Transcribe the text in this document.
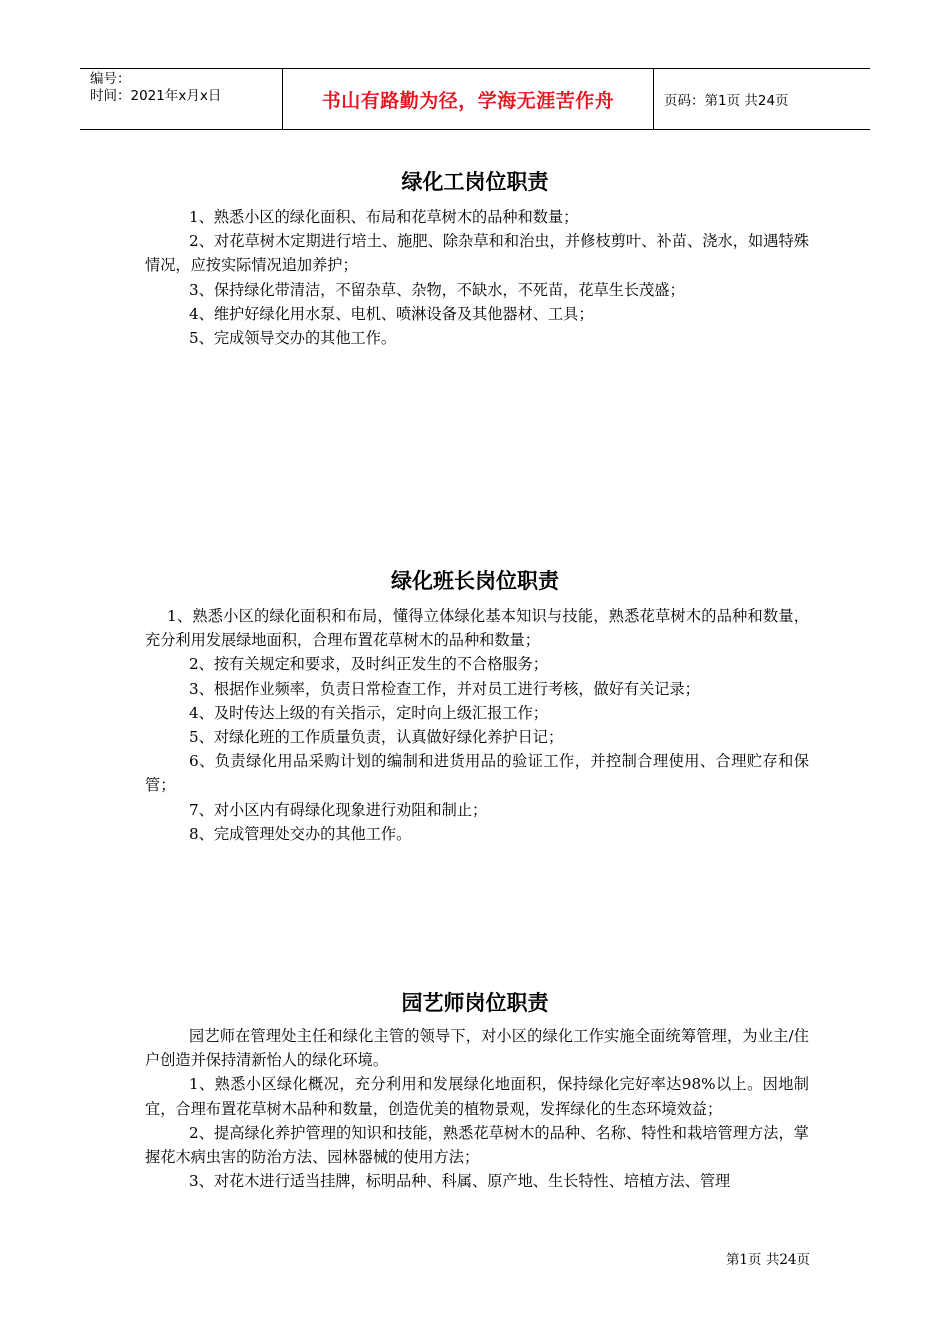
编号：
时间：2021年x月x日	书山有路勤为径，学海无涯苦作舟	页码：第1页 共24页
绿化工岗位职责

1、熟悉小区的绿化面积、布局和花草树木的品种和数量；

2、对花草树木定期进行培土、施肥、除杂草和和治虫，并修枝剪叶、补苗、浇水，如遇特殊情况，应按实际情况追加养护；

3、保持绿化带清洁，不留杂草、杂物，不缺水，不死苗，花草生长茂盛；

4、维护好绿化用水泵、电机、喷淋设备及其他器材、工具；

5、完成领导交办的其他工作。

绿化班长岗位职责

1、熟悉小区的绿化面积和布局，懂得立体绿化基本知识与技能，熟悉花草树木的品种和数量，充分利用发展绿地面积，合理布置花草树木的品种和数量；

2、按有关规定和要求，及时纠正发生的不合格服务；

3、根据作业频率，负责日常检查工作，并对员工进行考核，做好有关记录；

4、及时传达上级的有关指示，定时向上级汇报工作；

5、对绿化班的工作质量负责，认真做好绿化养护日记；

6、负责绿化用品采购计划的编制和进货用品的验证工作，并控制合理使用、合理贮存和保管；

7、对小区内有碍绿化现象进行劝阻和制止；

8、完成管理处交办的其他工作。

园艺师岗位职责

园艺师在管理处主任和绿化主管的领导下，对小区的绿化工作实施全面统筹管理，为业主/住户创造并保持清新怡人的绿化环境。

1、熟悉小区绿化概况，充分利用和发展绿化地面积，保持绿化完好率达98%以上。因地制宜，合理布置花草树木品种和数量，创造优美的植物景观，发挥绿化的生态环境效益；

2、提高绿化养护管理的知识和技能，熟悉花草树木的品种、名称、特性和栽培管理方法，掌握花木病虫害的防治方法、园林器械的使用方法；

3、对花木进行适当挂牌，标明品种、科属、原产地、生长特性、培植方法、管理

第1页 共24页
